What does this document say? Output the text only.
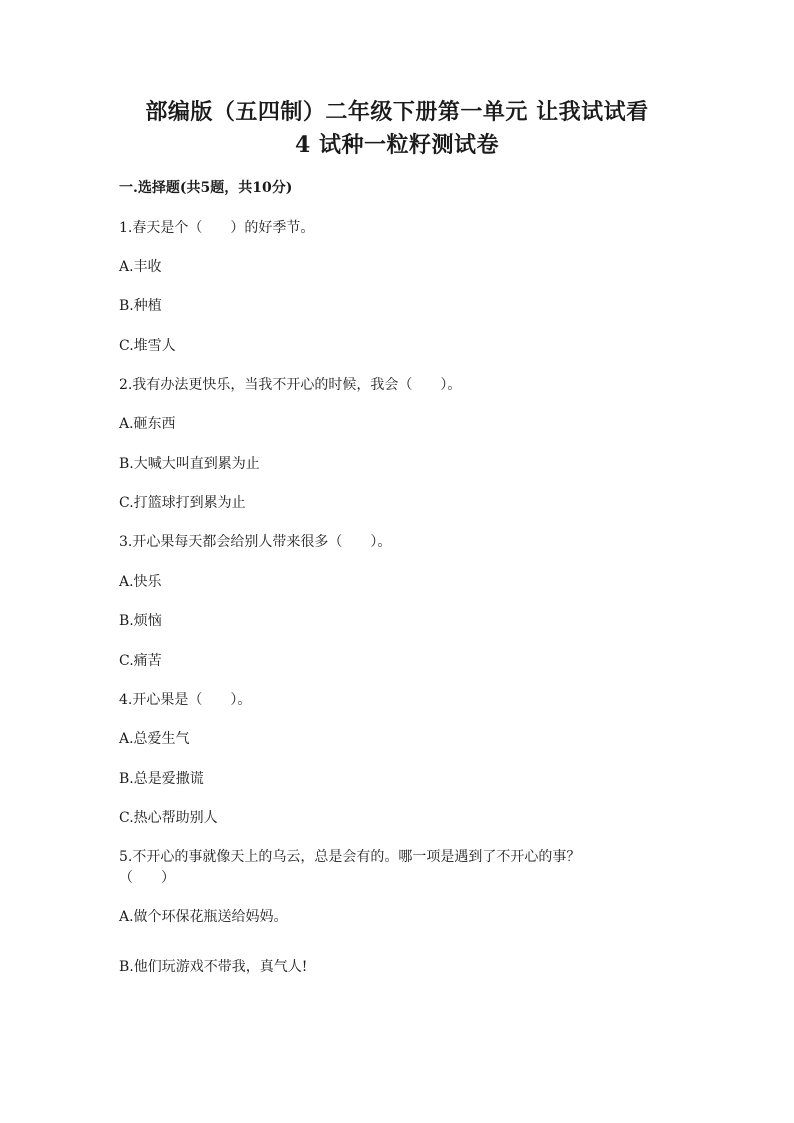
部编版（五四制）二年级下册第一单元 让我试试看
4 试种一粒籽测试卷
一.选择题(共5题，共10分)
1.春天是个（　　）的好季节。
A.丰收
B.种植
C.堆雪人
2.我有办法更快乐，当我不开心的时候，我会（　　）。
A.砸东西
B.大喊大叫直到累为止
C.打篮球打到累为止
3.开心果每天都会给别人带来很多（　　）。
A.快乐
B.烦恼
C.痛苦
4.开心果是（　　）。
A.总爱生气
B.总是爱撒谎
C.热心帮助别人
5.不开心的事就像天上的乌云，总是会有的。哪一项是遇到了不开心的事？
（　　）
A.做个环保花瓶送给妈妈。
B.他们玩游戏不带我，真气人!
